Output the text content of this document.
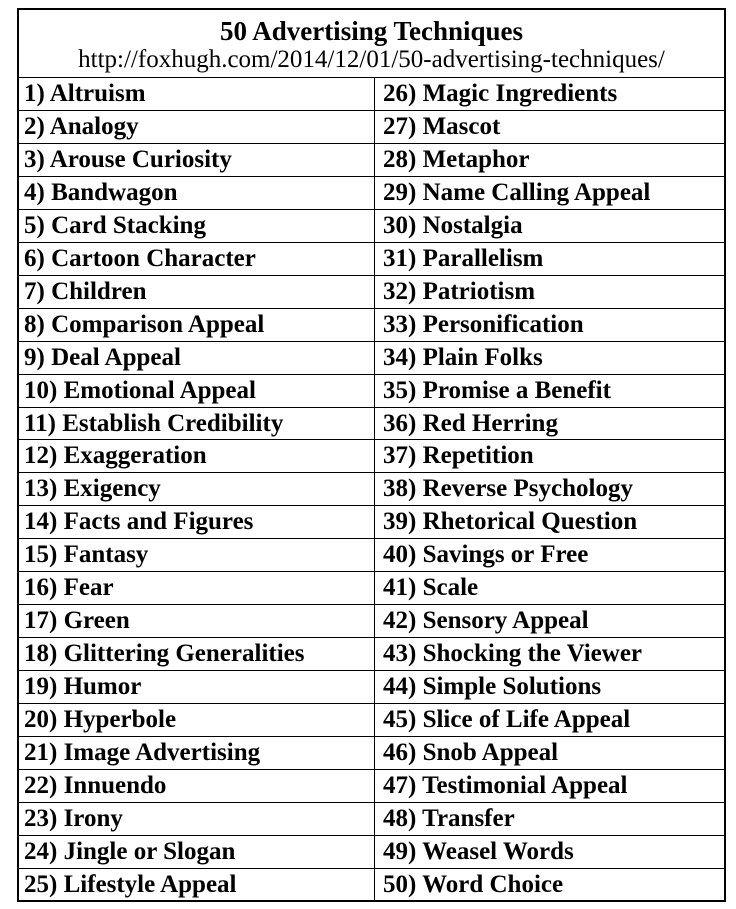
50 Advertising Techniques
http://foxhugh.com/2014/12/01/50-advertising-techniques/
1) Altruism
2) Analogy
3) Arouse Curiosity
4) Bandwagon
5) Card Stacking
6) Cartoon Character
7) Children
8) Comparison Appeal
9) Deal Appeal
10) Emotional Appeal
11) Establish Credibility
12) Exaggeration
13) Exigency
14) Facts and Figures
15) Fantasy
16) Fear
17) Green
18) Glittering Generalities
19) Humor
20) Hyperbole
21) Image Advertising
22) Innuendo
23) Irony
24) Jingle or Slogan
25) Lifestyle Appeal
26) Magic Ingredients
27) Mascot
28) Metaphor
29) Name Calling Appeal
30) Nostalgia
31) Parallelism
32) Patriotism
33) Personification
34) Plain Folks
35) Promise a Benefit
36) Red Herring
37) Repetition
38) Reverse Psychology
39) Rhetorical Question
40) Savings or Free
41) Scale
42) Sensory Appeal
43) Shocking the Viewer
44) Simple Solutions
45) Slice of Life Appeal
46) Snob Appeal
47) Testimonial Appeal
48) Transfer
49) Weasel Words
50) Word Choice
